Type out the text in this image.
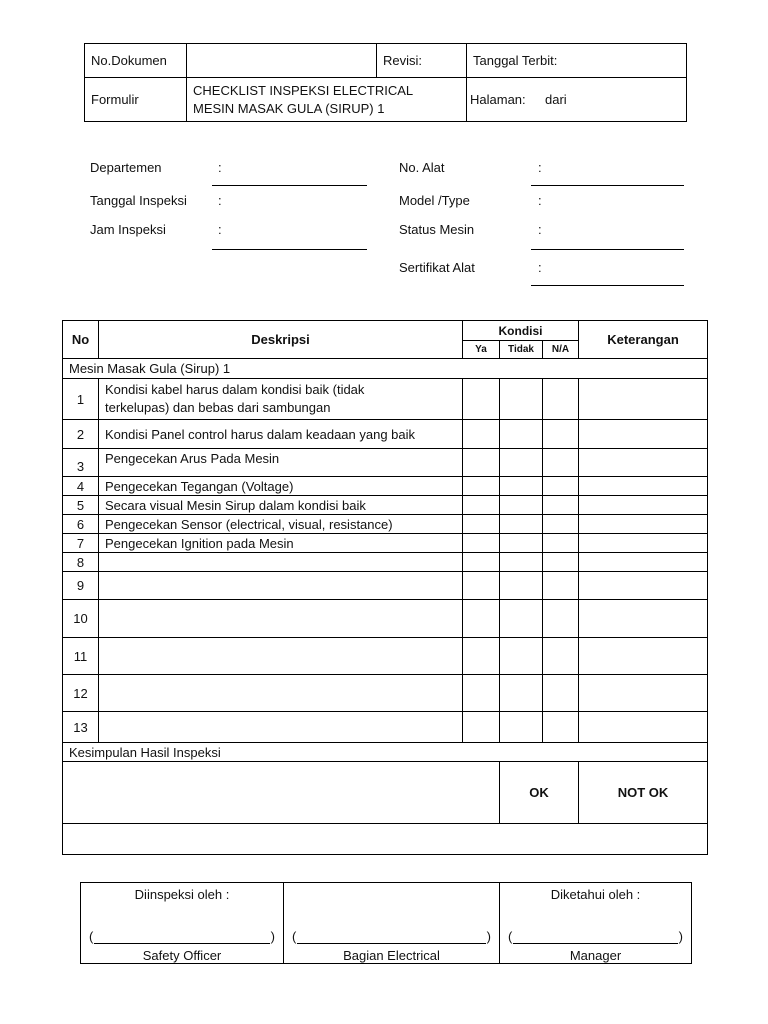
No.Dokumen		Revisi:	Tanggal Terbit:
Formulir	CHECKLIST INSPEKSI ELECTRICAL MESIN MASAK GULA (SIRUP) 1		Halaman: dari
Departemen	:
Tanggal Inspeksi :
Jam Inspeksi	:
No. Alat	:
Model /Type	:
Status Mesin	:
Sertifikat Alat	:
No	Deskripsi	Kondisi			Keterangan
		Ya	Tidak	N/A	
Mesin Masak Gula (Sirup) 1					
1	Kondisi kabel harus dalam kondisi baik (tidak terkelupas) dan bebas dari sambungan				
2	Kondisi Panel control harus dalam keadaan yang baik				
3	Pengecekan Arus Pada Mesin				
4	Pengecekan Tegangan (Voltage)				
5	Secara visual Mesin Sirup dalam kondisi baik				
6	Pengecekan Sensor (electrical, visual, resistance)				
7	Pengecekan Ignition pada Mesin				
8					
9					
10					
11					
12					
13					
Kesimpulan Hasil Inspeksi					
			OK		NOT OK

Diinspeksi oleh :
(	)
Safety Officer

(	)
Bagian Electrical

Diketahui oleh :
(	)
Manager
